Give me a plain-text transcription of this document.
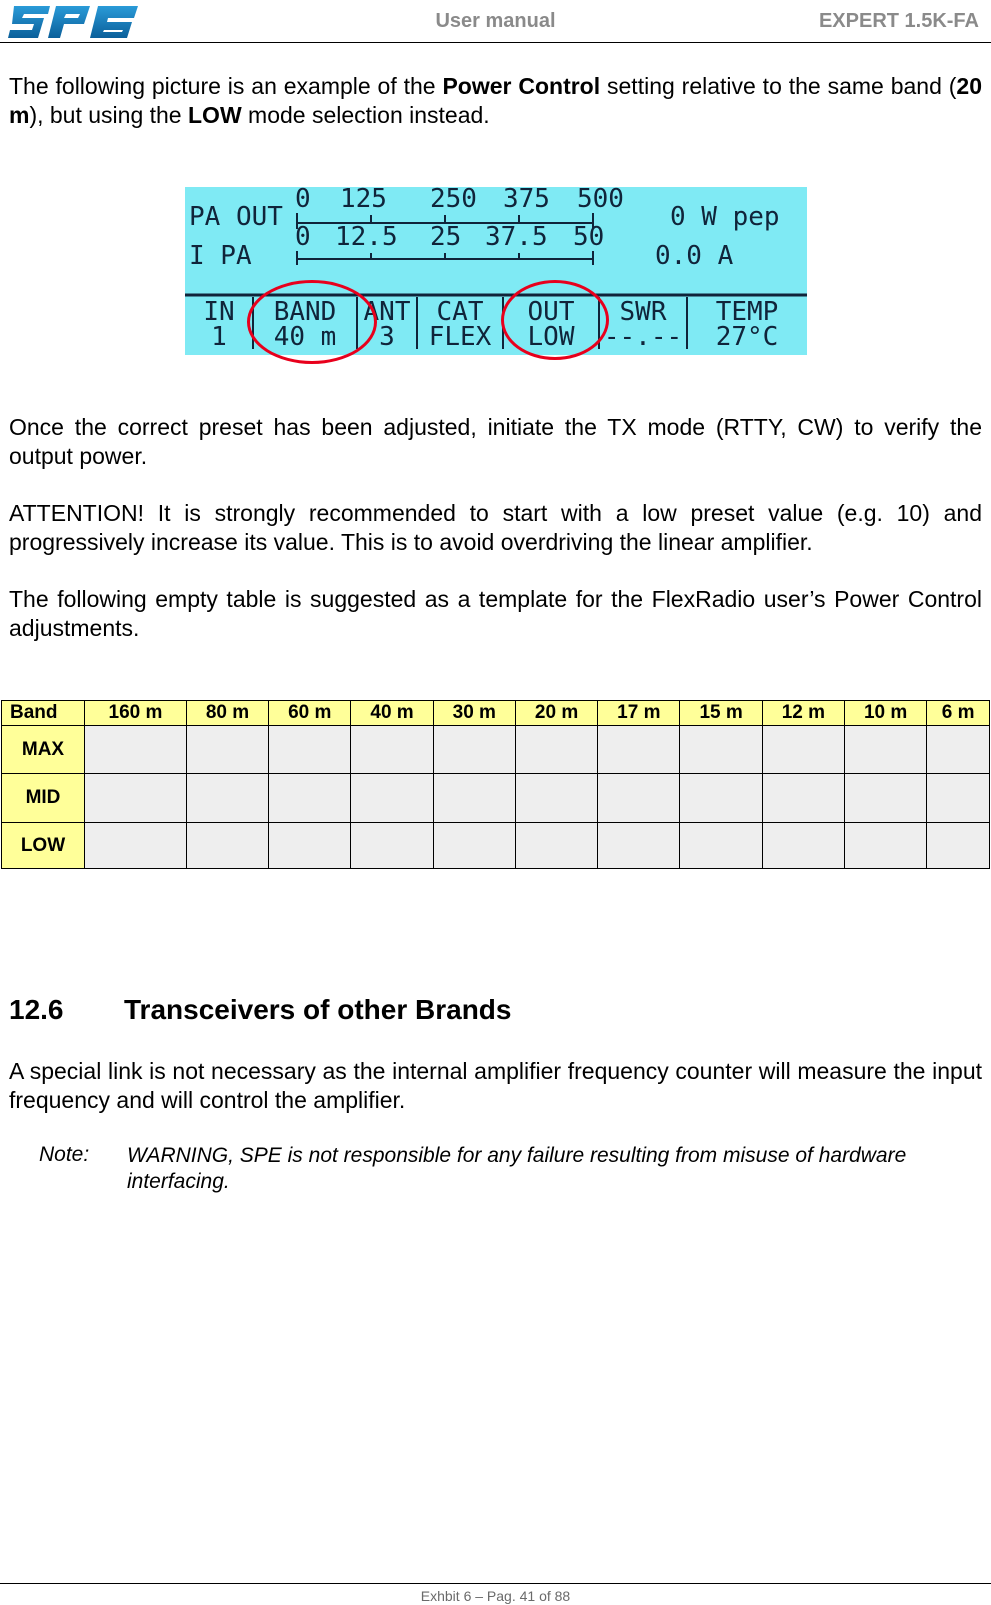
spe
User manual	EXPERT 1.5K-FA
The following picture is an example of the Power Control setting relative to the same band (20 m), but using the LOW mode selection instead.
PA OUT
0 125 250 375 500
0 W pep
I PA
0 12.5 25 37.5 50
0.0 A
IN
1
BAND
40 m
ANT
3
CAT
FLEX
OUT
LOW
SWR
--.--
TEMP
27°C
Once the correct preset has been adjusted, initiate the TX mode (RTTY, CW) to verify the output power.
ATTENTION! It is strongly recommended to start with a low preset value (e.g. 10) and progressively increase its value. This is to avoid overdriving the linear amplifier.
The following empty table is suggested as a template for the FlexRadio user’s Power Control adjustments.
Band	160 m	80 m	60 m	40 m	30 m	20 m	17 m	15 m	12 m	10 m	6 m
MAX											
MID											
LOW											
12.6 Transceivers of other Brands
A special link is not necessary as the internal amplifier frequency counter will measure the input frequency and will control the amplifier.
Note: WARNING, SPE is not responsible for any failure resulting from misuse of hardware interfacing.
Exhbit 6 – Pag. 41 of 88
